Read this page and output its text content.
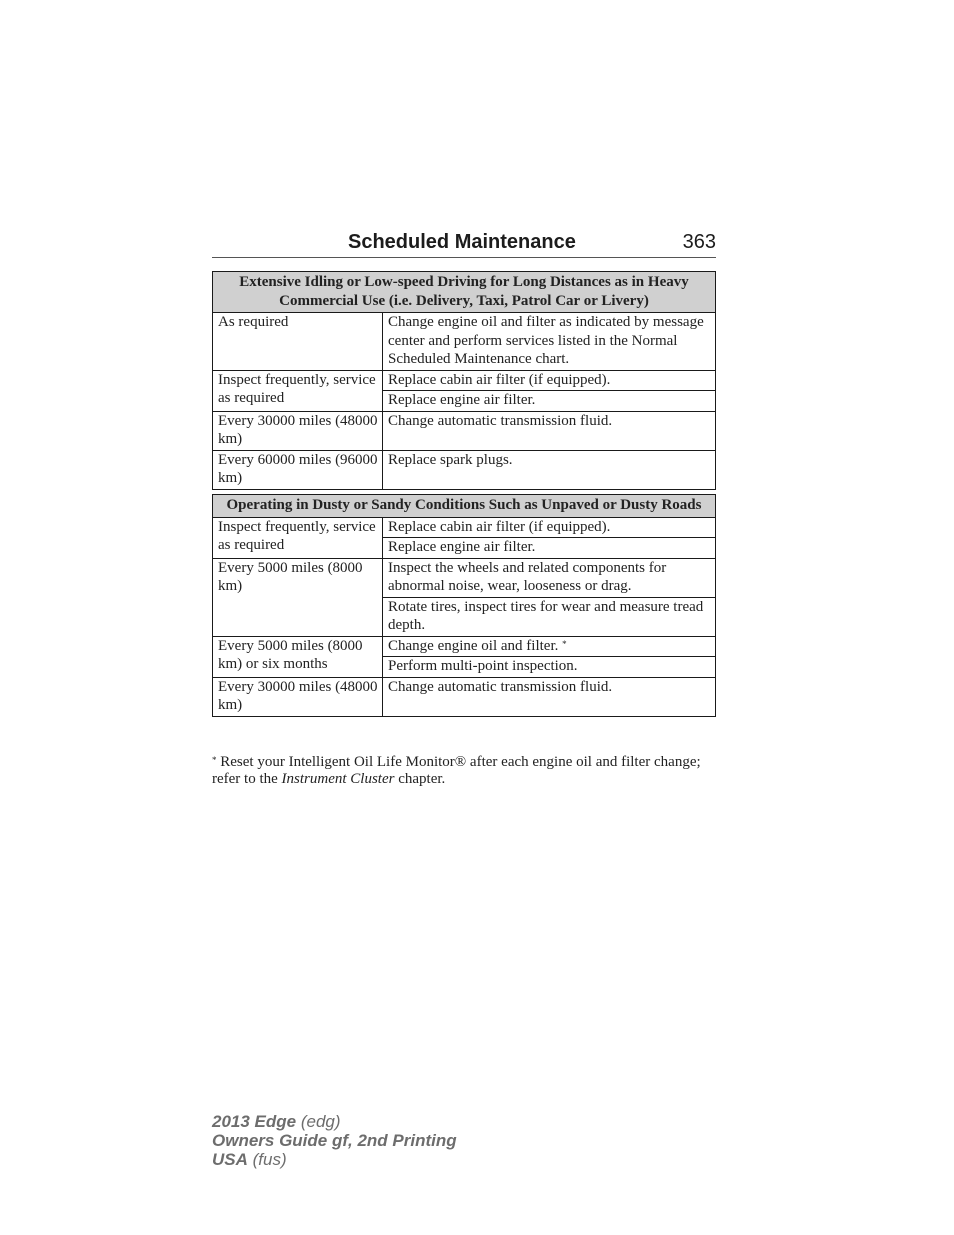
Scheduled Maintenance	363
Extensive Idling or Low-speed Driving for Long Distances as in Heavy Commercial Use (i.e. Delivery, Taxi, Patrol Car or Livery)	
As required	Change engine oil and filter as indicated by message center and perform services listed in the Normal Scheduled Maintenance chart.
Inspect frequently, service as required	Replace cabin air filter (if equipped).
	Replace engine air filter.
Every 30000 miles (48000 km)	Change automatic transmission fluid.
Every 60000 miles (96000 km)	Replace spark plugs.
Operating in Dusty or Sandy Conditions Such as Unpaved or Dusty Roads	
Inspect frequently, service as required	Replace cabin air filter (if equipped).
	Replace engine air filter.
Every 5000 miles (8000 km)	Inspect the wheels and related components for abnormal noise, wear, looseness or drag.
	Rotate tires, inspect tires for wear and measure tread depth.
Every 5000 miles (8000 km) or six months	Change engine oil and filter. *
	Perform multi-point inspection.
Every 30000 miles (48000 km)	Change automatic transmission fluid.
* Reset your Intelligent Oil Life Monitor® after each engine oil and filter change; refer to the Instrument Cluster chapter.
2013 Edge (edg)
Owners Guide gf, 2nd Printing
USA (fus)
